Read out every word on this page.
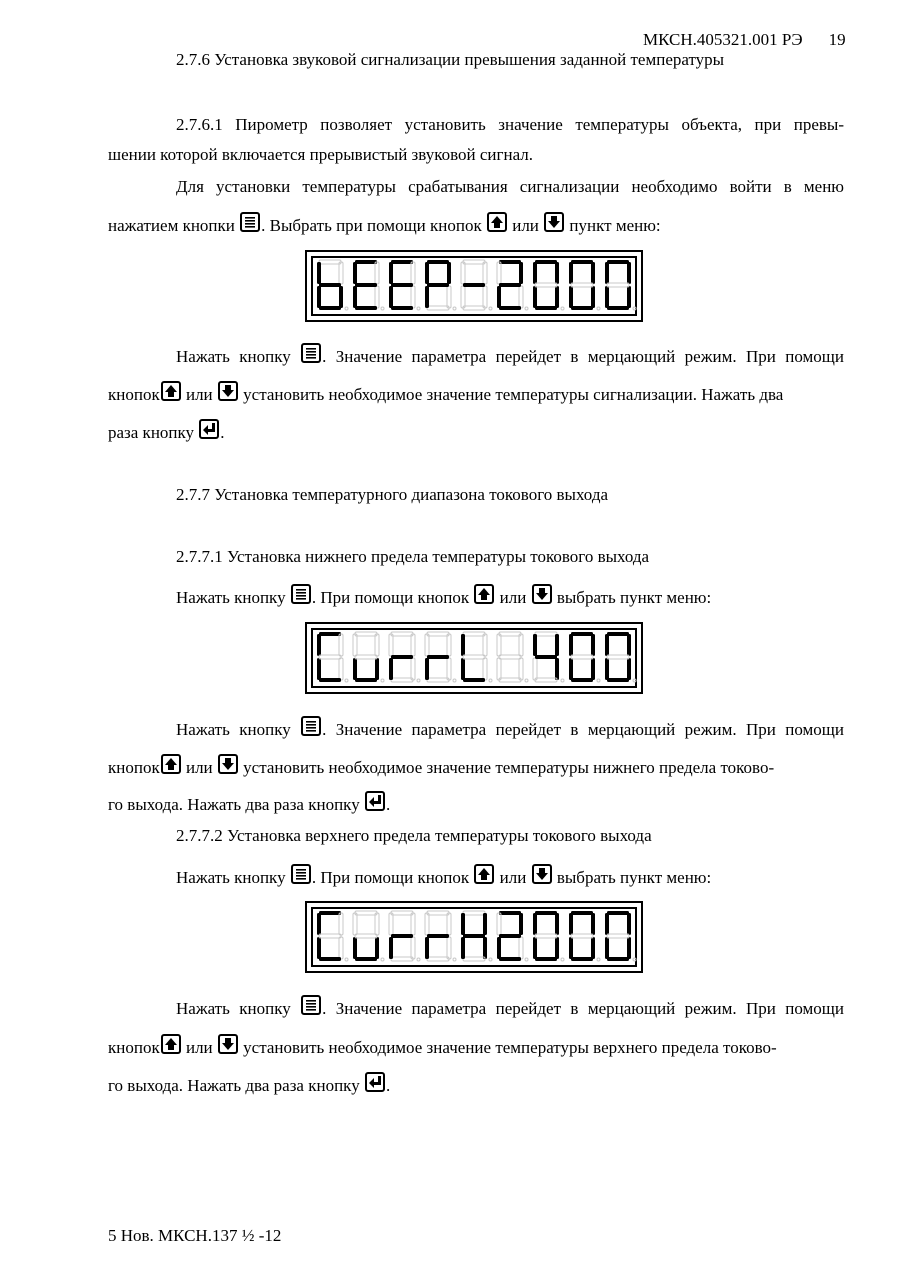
МКСН.405321.001 РЭ 19
2.7.6 Установка звуковой сигнализации превышения заданной температуры
2.7.6.1 Пирометр позволяет установить значение температуры объекта, при превы-
шении которой включается прерывистый звуковой сигнал.
Для установки температуры срабатывания сигнализации необходимо войти в меню
нажатием кнопки . Выбрать при помощи кнопок или пункт меню:
Нажать кнопку . Значение параметра перейдет в мерцающий режим. При помощи
кнопок или установить необходимое значение температуры сигнализации. Нажать два
раза кнопку .
2.7.7 Установка температурного диапазона токового выхода
2.7.7.1 Установка нижнего предела температуры токового выхода
Нажать кнопку . При помощи кнопок или выбрать пункт меню:
Нажать кнопку . Значение параметра перейдет в мерцающий режим. При помощи
кнопок или установить необходимое значение температуры нижнего предела токово-
го выхода. Нажать два раза кнопку .
2.7.7.2 Установка верхнего предела температуры токового выхода
Нажать кнопку . При помощи кнопок или выбрать пункт меню:
Нажать кнопку . Значение параметра перейдет в мерцающий режим. При помощи
кнопок или установить необходимое значение температуры верхнего предела токово-
го выхода. Нажать два раза кнопку .
5 Нов. МКСН.137 ½ -12
